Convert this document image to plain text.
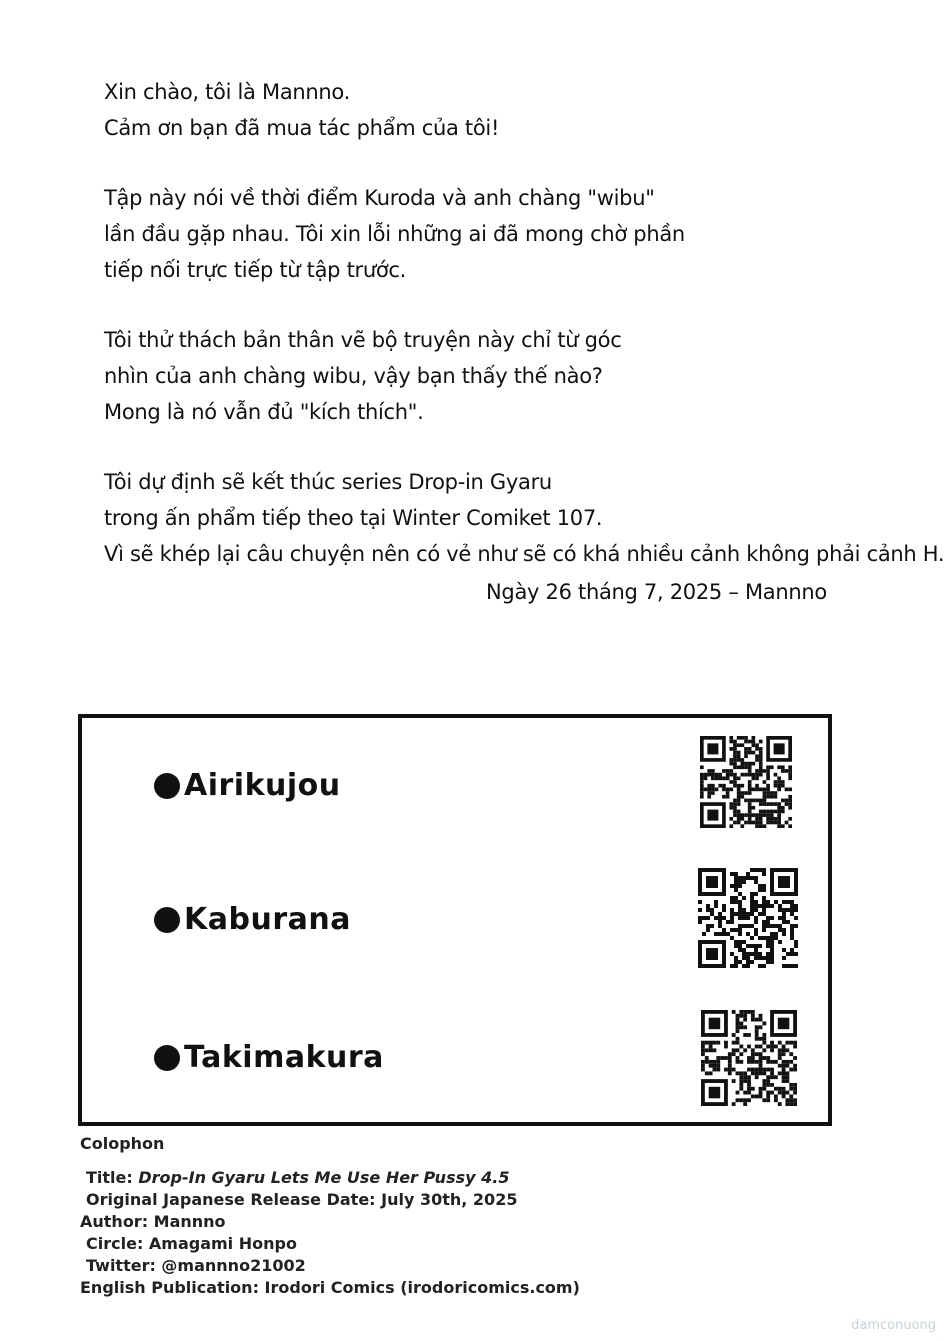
Xin chào, tôi là Mannno.
Cảm ơn bạn đã mua tác phẩm của tôi!

Tập này nói về thời điểm Kuroda và anh chàng "wibu"
lần đầu gặp nhau. Tôi xin lỗi những ai đã mong chờ phần
tiếp nối trực tiếp từ tập trước.

Tôi thử thách bản thân vẽ bộ truyện này chỉ từ góc
nhìn của anh chàng wibu, vậy bạn thấy thế nào?
Mong là nó vẫn đủ "kích thích".

Tôi dự định sẽ kết thúc series Drop-in Gyaru
trong ấn phẩm tiếp theo tại Winter Comiket 107.
Vì sẽ khép lại câu chuyện nên có vẻ như sẽ có khá nhiều cảnh không phải cảnh H.

Ngày 26 tháng 7, 2025 – Mannno
Airikujou
Kaburana
Takimakura
Colophon
Title: Drop-In Gyaru Lets Me Use Her Pussy 4.5
Original Japanese Release Date: July 30th, 2025
Author: Mannno
Circle: Amagami Honpo
Twitter: @mannno21002
English Publication: Irodori Comics (irodoricomics.com)
damconuong
